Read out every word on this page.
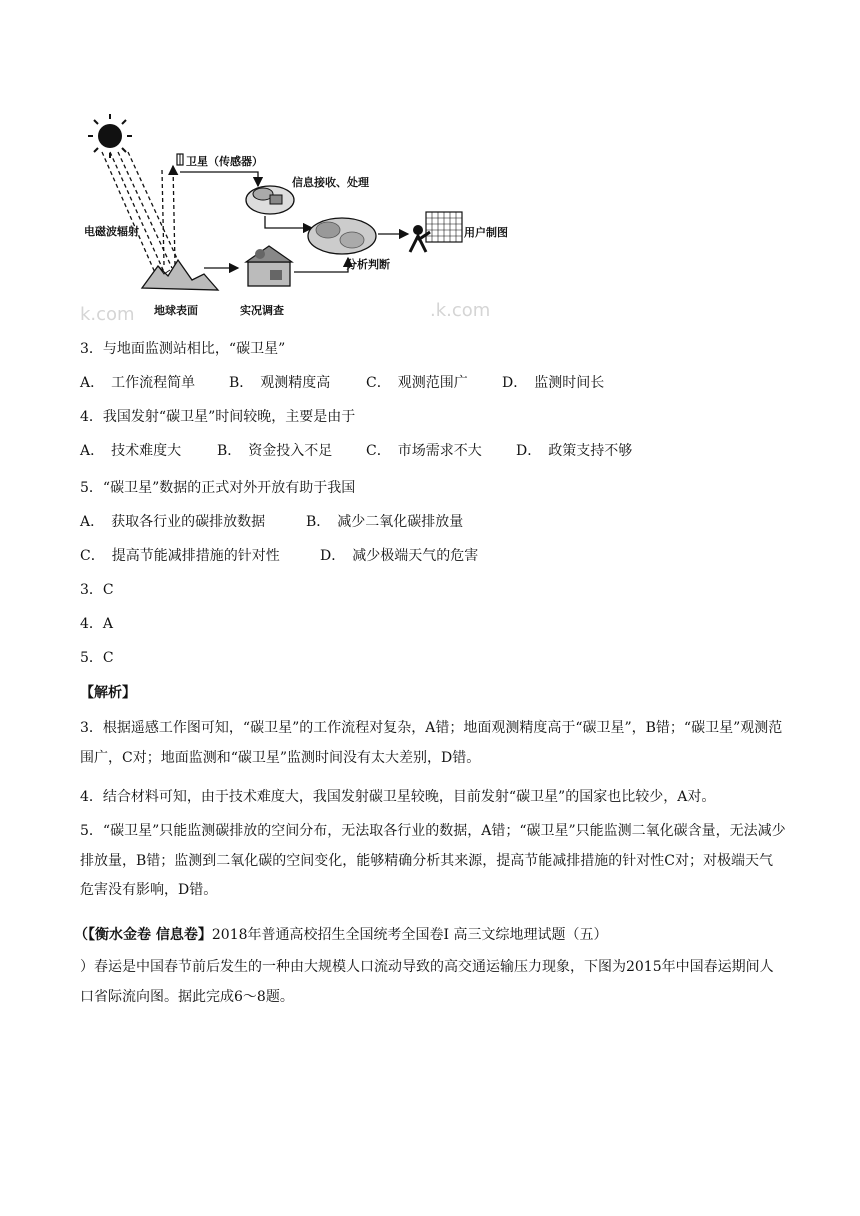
卫星（传感器）
信息接收、处理
用户制图
电磁波辐射
地球表面	实况调查
分析判断
k.com	.k.com
3．与地面监测站相比，“碳卫星”
A．　工作流程简单 B．　观测精度高	C．　观测范围广 D．　监测时间长
4．我国发射“碳卫星”时间较晚，主要是由于
A．　技术难度大	B．　资金投入不足 C．　市场需求不大 D．　政策支持不够
5．“碳卫星”数据的正式对外开放有助于我国
A．　获取各行业的碳排放数据	B．　减少二氧化碳排放量
C．　提高节能减排措施的针对性	D．　减少极端天气的危害
3．C
4．A
5．C
【解析】
3．根据遥感工作图可知，“碳卫星”的工作流程对复杂，A错；地面观测精度高于“碳卫星”，B错；“碳卫星”观测范围广，C对；地面监测和“碳卫星”监测时间没有太大差别，D错。
4．结合材料可知，由于技术难度大，我国发射碳卫星较晚，目前发射“碳卫星”的国家也比较少，A对。
5．“碳卫星”只能监测碳排放的空间分布，无法取各行业的数据，A错；“碳卫星”只能监测二氧化碳含量，无法减少排放量，B错；监测到二氧化碳的空间变化，能够精确分析其来源，提高节能减排措施的针对性C对；对极端天气危害没有影响，D错。
（【衡水金卷 信息卷】2018年普通高校招生全国统考全国卷Ⅰ 高三文综地理试题（五）
）春运是中国春节前后发生的一种由大规模人口流动导致的高交通运输压力现象，下图为2015年中国春运期间人口省际流向图。据此完成6～8题。
